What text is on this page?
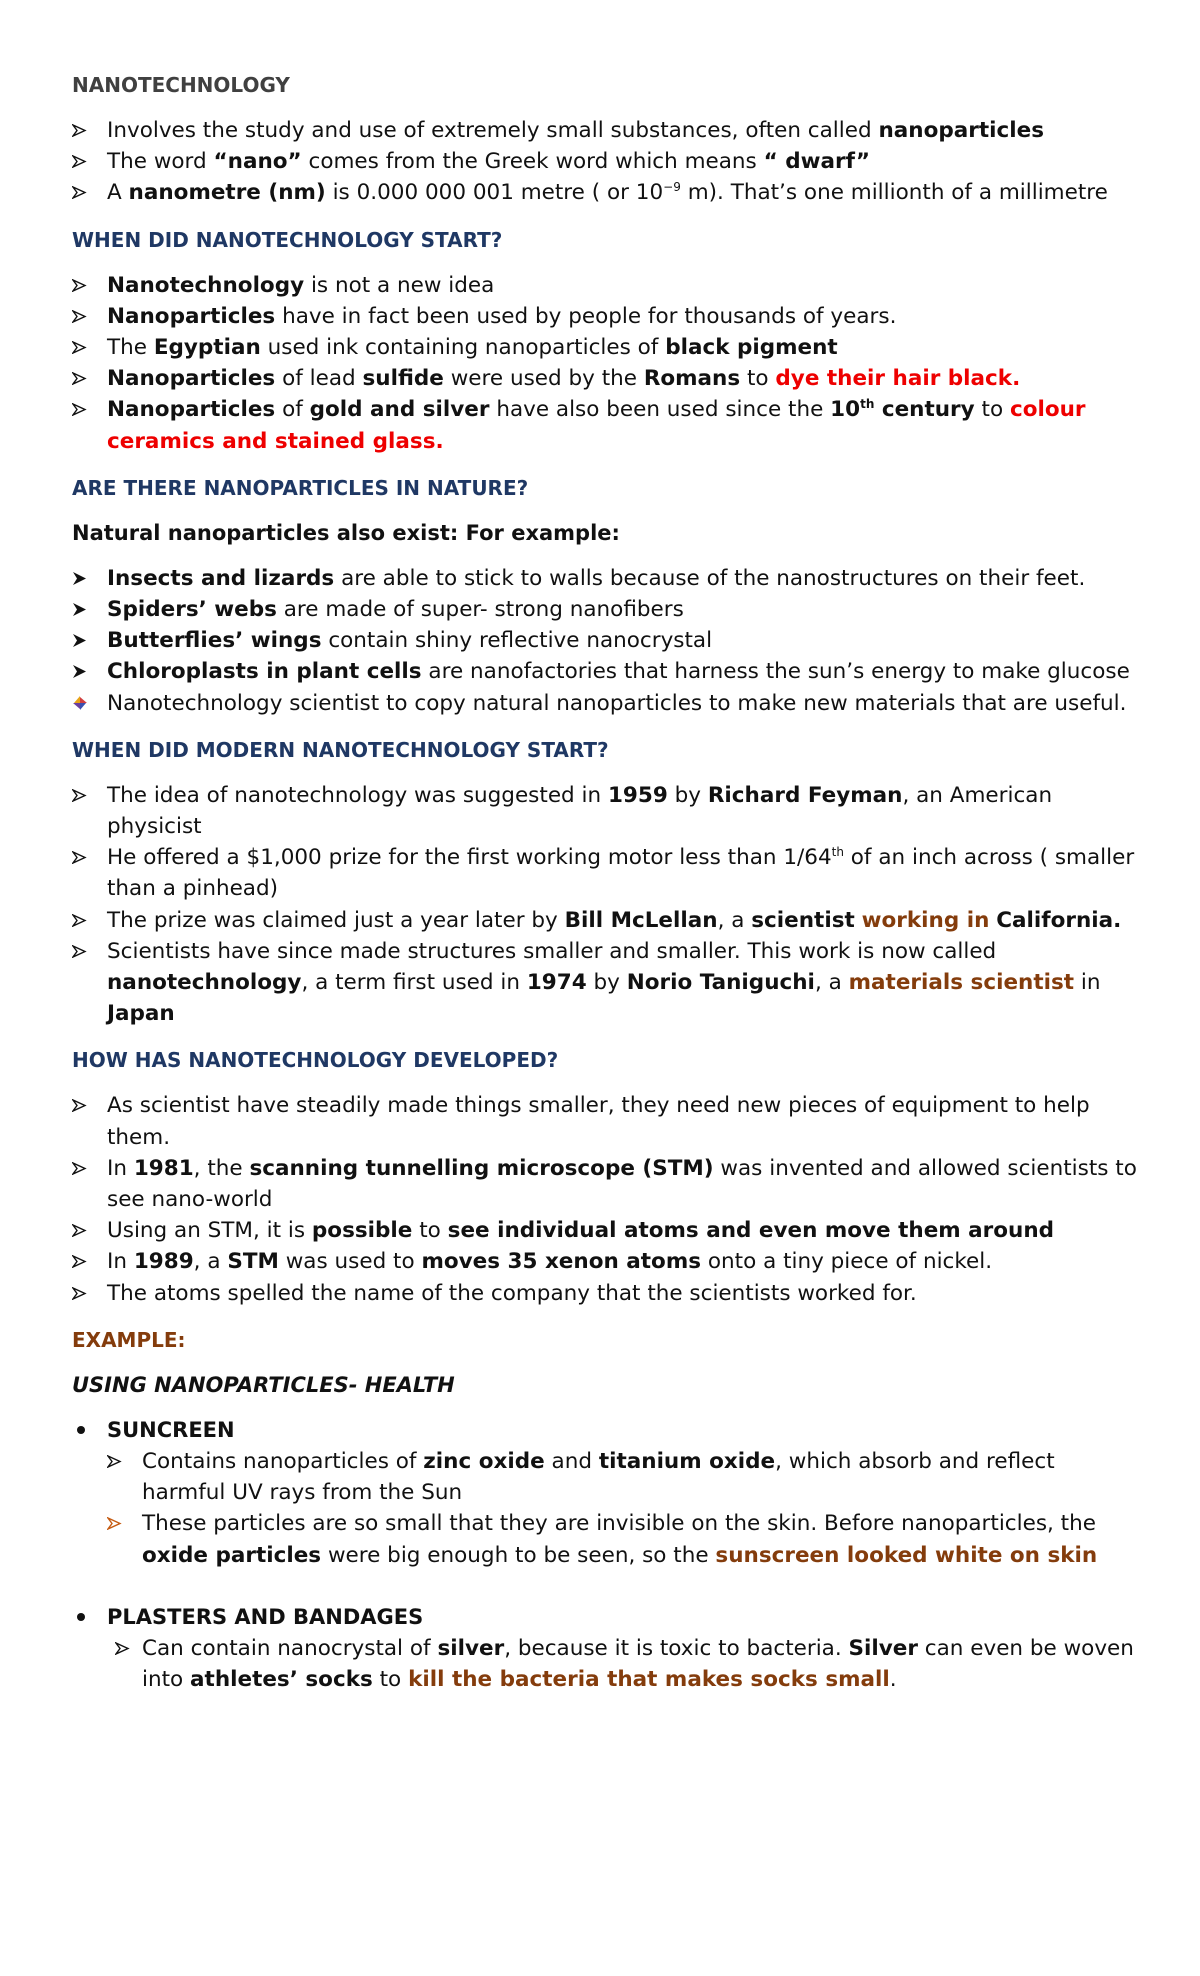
NANOTECHNOLOGY
Involves the study and use of extremely small substances, often called nanoparticles
The word “nano” comes from the Greek word which means “ dwarf”
A nanometre (nm) is 0.000 000 001 metre ( or $10^{-9}$ m). That’s one millionth of a millimetre
WHEN DID NANOTECHNOLOGY START?
Nanotechnology is not a new idea
Nanoparticles have in fact been used by people for thousands of years.
The Egyptian used ink containing nanoparticles of black pigment
Nanoparticles of lead sulfide were used by the Romans to dye their hair black.
Nanoparticles of gold and silver have also been used since the 10th century to colour ceramics and stained glass.
ARE THERE NANOPARTICLES IN NATURE?
Natural nanoparticles also exist: For example:
Insects and lizards are able to stick to walls because of the nanostructures on their feet.
Spiders’ webs are made of super- strong nanofibers
Butterflies’ wings contain shiny reflective nanocrystal
Chloroplasts in plant cells are nanofactories that harness the sun’s energy to make glucose
Nanotechnology scientist to copy natural nanoparticles to make new materials that are useful.
WHEN DID MODERN NANOTECHNOLOGY START?
The idea of nanotechnology was suggested in 1959 by Richard Feyman, an American physicist
He offered a $1,000 prize for the first working motor less than 1/64th of an inch across ( smaller than a pinhead)
The prize was claimed just a year later by Bill McLellan, a scientist working in California.
Scientists have since made structures smaller and smaller. This work is now called nanotechnology, a term first used in 1974 by Norio Taniguchi, a materials scientist in Japan
HOW HAS NANOTECHNOLOGY DEVELOPED?
As scientist have steadily made things smaller, they need new pieces of equipment to help them.
In 1981, the scanning tunnelling microscope (STM) was invented and allowed scientists to see nano-world
Using an STM, it is possible to see individual atoms and even move them around
In 1989, a STM was used to moves 35 xenon atoms onto a tiny piece of nickel.
The atoms spelled the name of the company that the scientists worked for.
EXAMPLE:
USING NANOPARTICLES- HEALTH
SUNCREEN
Contains nanoparticles of zinc oxide and titanium oxide, which absorb and reflect harmful UV rays from the Sun
These particles are so small that they are invisible on the skin. Before nanoparticles, the oxide particles were big enough to be seen, so the sunscreen looked white on skin
PLASTERS AND BANDAGES
Can contain nanocrystal of silver, because it is toxic to bacteria. Silver can even be woven into athletes’ socks to kill the bacteria that makes socks small.
